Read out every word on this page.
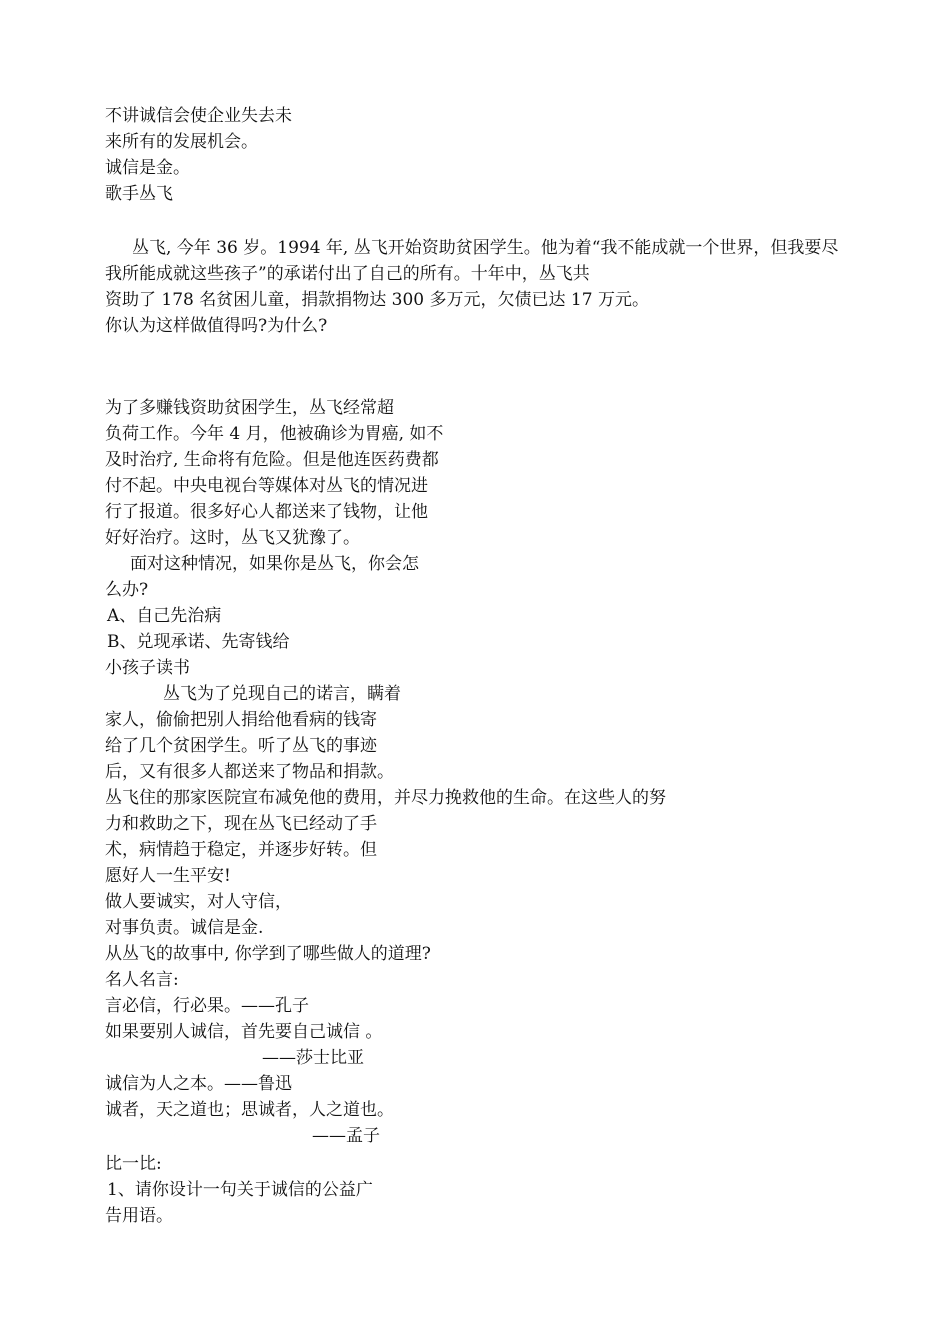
不讲诚信会使企业失去未

来所有的发展机会。

诚信是金。

歌手丛飞

丛飞, 今年 36 岁。1994 年, 丛飞开始资助贫困学生。他为着“我不能成就一个世界，但我要尽

我所能成就这些孩子”的承诺付出了自己的所有。十年中，丛飞共

资助了 178 名贫困儿童，捐款捐物达 300 多万元，欠债已达 17 万元。

你认为这样做值得吗?为什么?

为了多赚钱资助贫困学生，丛飞经常超

负荷工作。今年 4 月，他被确诊为胃癌, 如不

及时治疗, 生命将有危险。但是他连医药费都

付不起。中央电视台等媒体对丛飞的情况进

行了报道。很多好心人都送来了钱物，让他

好好治疗。这时，丛飞又犹豫了。

面对这种情况，如果你是丛飞，你会怎

么办?

A、自己先治病

B、兑现承诺、先寄钱给

小孩子读书

丛飞为了兑现自己的诺言，瞒着

家人，偷偷把别人捐给他看病的钱寄

给了几个贫困学生。听了丛飞的事迹

后，又有很多人都送来了物品和捐款。

丛飞住的那家医院宣布减免他的费用，并尽力挽救他的生命。在这些人的努

力和救助之下，现在丛飞已经动了手

术，病情趋于稳定，并逐步好转。但

愿好人一生平安!

做人要诚实，对人守信，

对事负责。诚信是金.

从丛飞的故事中, 你学到了哪些做人的道理?

名人名言:

言必信，行必果。——孔子

如果要别人诚信，首先要自己诚信 。

——莎士比亚

诚信为人之本。——鲁迅

诚者，天之道也；思诚者，人之道也。

——孟子

比一比:

1、请你设计一句关于诚信的公益广

告用语。
